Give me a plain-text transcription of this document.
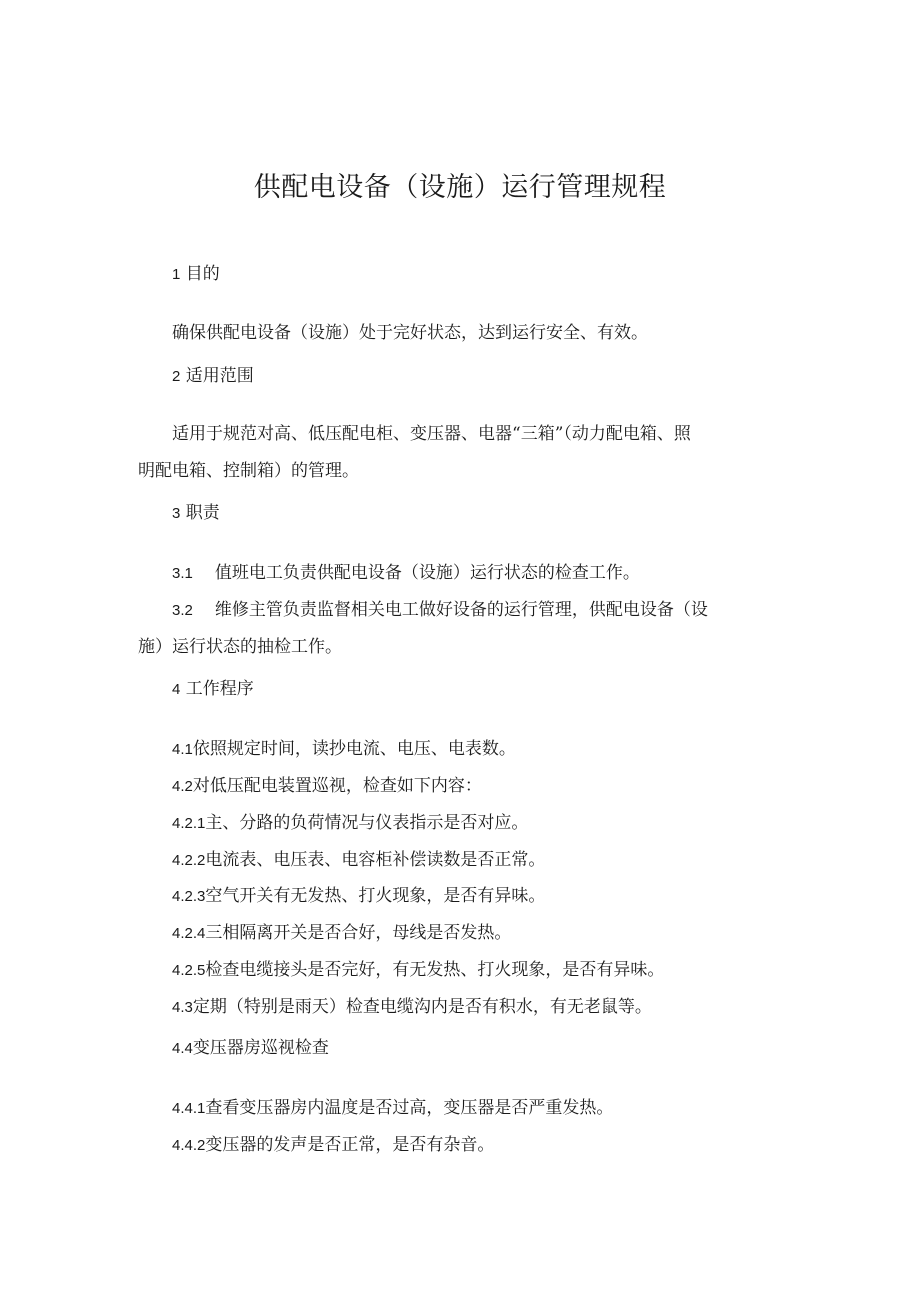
供配电设备（设施）运行管理规程
1 目的
确保供配电设备（设施）处于完好状态，达到运行安全、有效。
2 适用范围
适用于规范对高、低压配电柜、变压器、电器“三箱”（动力配电箱、照
明配电箱、控制箱）的管理。
3 职责
3.1 值班电工负责供配电设备（设施）运行状态的检查工作。
3.2 维修主管负责监督相关电工做好设备的运行管理，供配电设备（设
施）运行状态的抽检工作。
4 工作程序
4.1依照规定时间，读抄电流、电压、电表数。
4.2对低压配电装置巡视，检查如下内容：
4.2.1主、分路的负荷情况与仪表指示是否对应。
4.2.2电流表、电压表、电容柜补偿读数是否正常。
4.2.3空气开关有无发热、打火现象，是否有异味。
4.2.4三相隔离开关是否合好，母线是否发热。
4.2.5检查电缆接头是否完好，有无发热、打火现象，是否有异味。
4.3定期（特别是雨天）检查电缆沟内是否有积水，有无老鼠等。
4.4变压器房巡视检查
4.4.1查看变压器房内温度是否过高，变压器是否严重发热。
4.4.2变压器的发声是否正常，是否有杂音。
